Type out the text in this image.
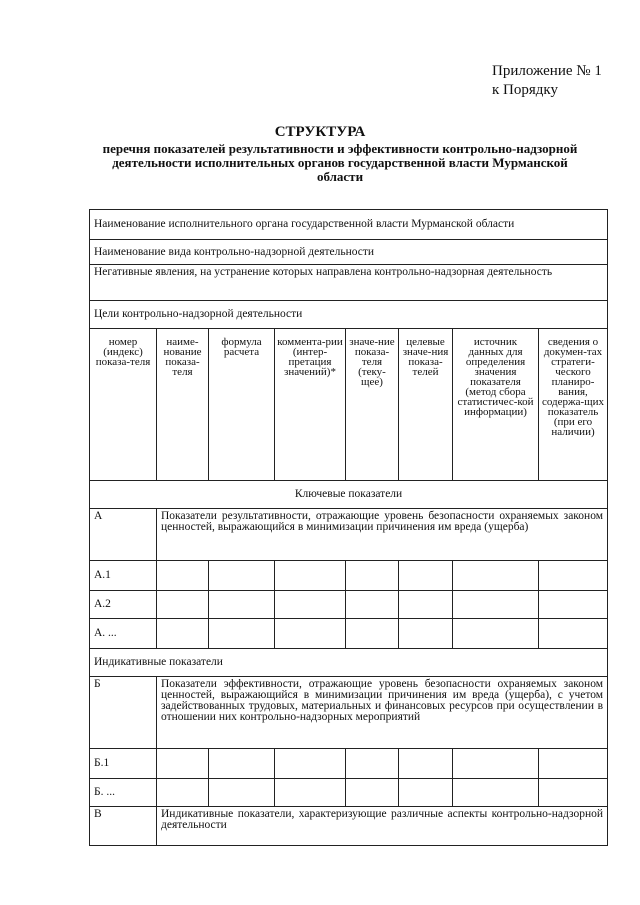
Приложение № 1
к Порядку
СТРУКТУРА
перечня показателей результативности и эффективности контрольно-надзорной деятельности исполнительных органов государственной власти Мурманской области
Наименование исполнительного органа государственной власти Мурманской области							
Наименование вида контрольно-надзорной деятельности							
Негативные явления, на устранение которых направлена контрольно-надзорная деятельность							
Цели контрольно-надзорной деятельности							
номер (индекс) показа-теля	наиме-нование показа-теля	формула расчета	коммента-рии (интер-претация значений)*	значе-ние показа-теля (теку-щее)	целевые значе-ния показа-телей	источник данных для определения значения показателя (метод сбора статистичес-кой информации)	сведения о докумен-тах стратеги-ческого планиро-вания, содержа-щих показатель (при его наличии)
Ключевые показатели							
А	Показатели результативности, отражающие уровень безопасности охраняемых законом ценностей, выражающийся в минимизации причинения им вреда (ущерба)						
А.1							
А.2							
А. ...							
Индикативные показатели							
Б	Показатели эффективности, отражающие уровень безопасности охраняемых законом ценностей, выражающийся в минимизации причинения им вреда (ущерба), с учетом задействованных трудовых, материальных и финансовых ресурсов при осуществлении в отношении них контрольно-надзорных мероприятий						
Б.1							
Б. ...							
В	Индикативные показатели, характеризующие различные аспекты контрольно-надзорной деятельности						
